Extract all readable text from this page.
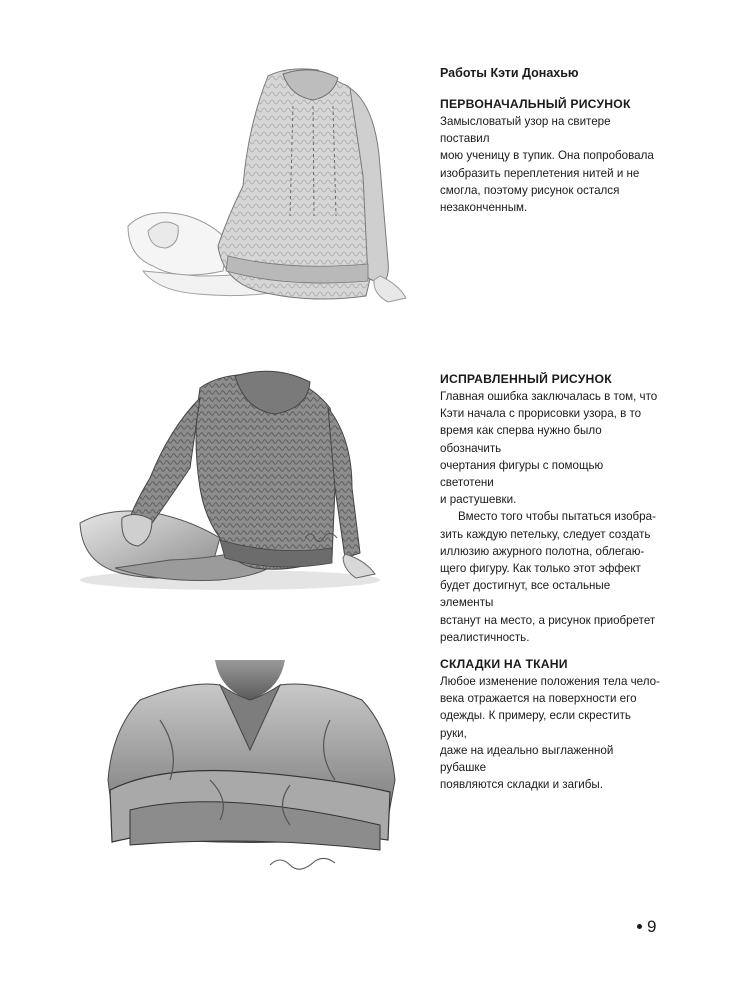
Работы Кэти Донахью

ПЕРВОНАЧАЛЬНЫЙ РИСУНОК

Замысловатый узор на свитере поставил

мою ученицу в тупик. Она попробовала

изобразить переплетения нитей и не

смогла, поэтому рисунок остался

незаконченным.

ИСПРАВЛЕННЫЙ РИСУНОК

Главная ошибка заключалась в том, что

Кэти начала с прорисовки узора, в то

время как сперва нужно было обозначить

очертания фигуры с помощью светотени

и растушевки.

Вместо того чтобы пытаться изобра-

зить каждую петельку, следует создать

иллюзию ажурного полотна, облегаю-

щего фигуру. Как только этот эффект

будет достигнут, все остальные элементы

встанут на место, а рисунок приобретет

реалистичность.

СКЛАДКИ НА ТКАНИ

Любое изменение положения тела чело-

века отражается на поверхности его

одежды. К примеру, если скрестить руки,

даже на идеально выглаженной рубашке

появляются складки и загибы.

9
